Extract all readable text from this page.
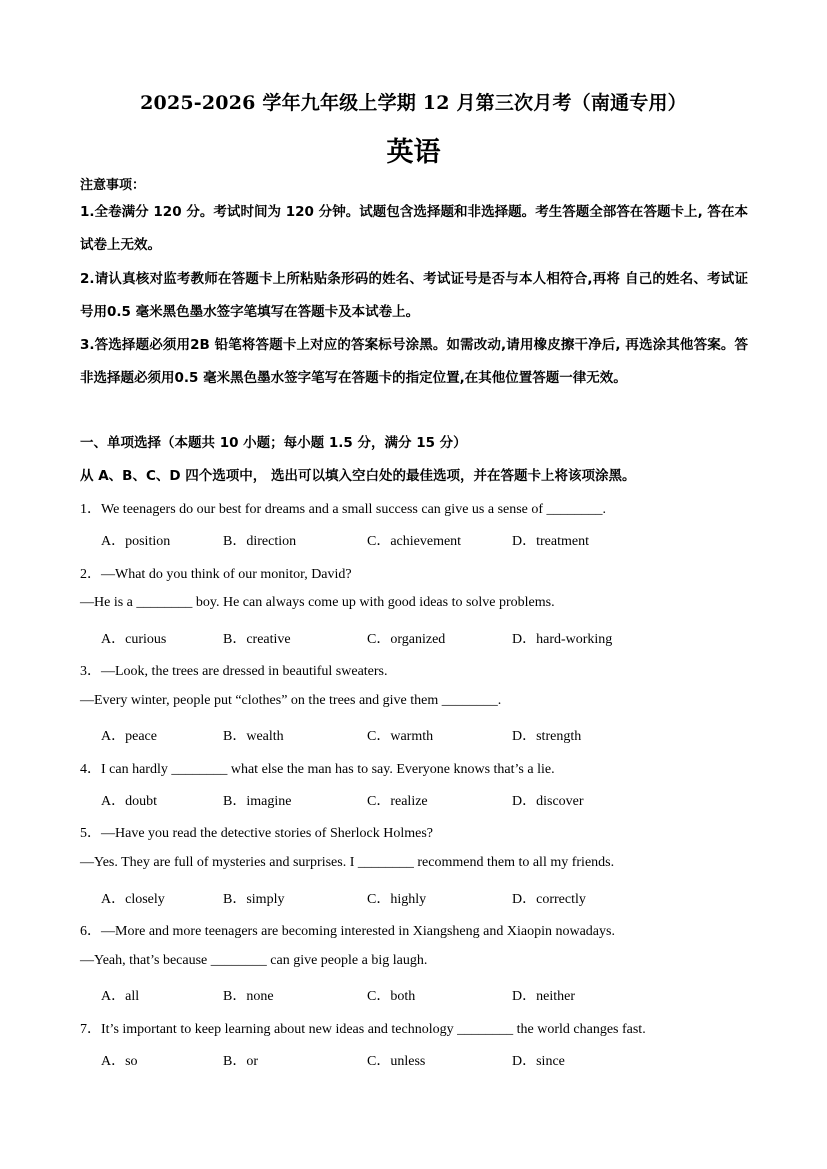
2025-2026 学年九年级上学期 12 月第三次月考（南通专用）
英语
注意事项：
1.全卷满分 120 分。考试时间为 120 分钟。试题包含选择题和非选择题。考生答题全部答在答题卡上, 答在本试卷上无效。
2.请认真核对监考教师在答题卡上所粘贴条形码的姓名、考试证号是否与本人相符合,再将 自己的姓名、考试证号用0.5 毫米黑色墨水签字笔填写在答题卡及本试卷上。
3.答选择题必须用2B 铅笔将答题卡上对应的答案标号涂黑。如需改动,请用橡皮擦干净后, 再选涂其他答案。答非选择题必须用0.5 毫米黑色墨水签字笔写在答题卡的指定位置,在其他位置答题一律无效。
一、单项选择（本题共 10 小题；每小题 1.5 分，满分 15 分）
从 A、B、C、D 四个选项中， 选出可以填入空白处的最佳选项，并在答题卡上将该项涂黑。
1．We teenagers do our best for dreams and a small success can give us a sense of ________.
A．position	B．direction	C．achievement	D．treatment
2．—What do you think of our monitor, David?
—He is a ________ boy. He can always come up with good ideas to solve problems.
A．curious	B．creative	C．organized	D．hard-working
3．—Look, the trees are dressed in beautiful sweaters.
—Every winter, people put “clothes” on the trees and give them ________.
A．peace	B．wealth	C．warmth	D．strength
4．I can hardly ________ what else the man has to say. Everyone knows that’s a lie.
A．doubt	B．imagine	C．realize	D．discover
5．—Have you read the detective stories of Sherlock Holmes?
—Yes. They are full of mysteries and surprises. I ________ recommend them to all my friends.
A．closely	B．simply	C．highly	D．correctly
6．—More and more teenagers are becoming interested in Xiangsheng and Xiaopin nowadays.
—Yeah, that’s because ________ can give people a big laugh.
A．all	B．none	C．both	D．neither
7．It’s important to keep learning about new ideas and technology ________ the world changes fast.
A．so	B．or	C．unless	D．since
